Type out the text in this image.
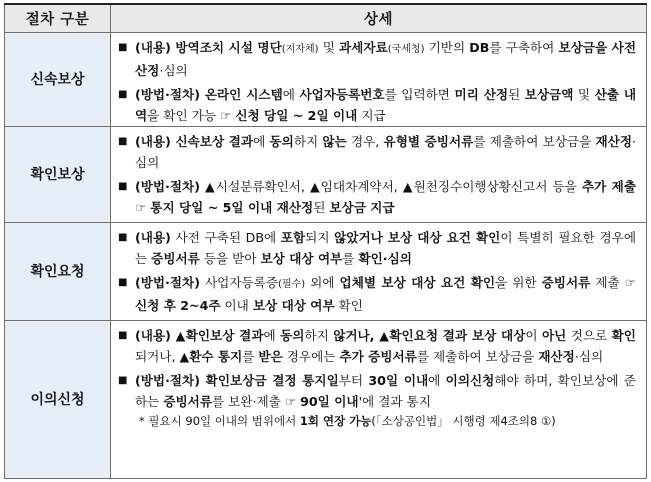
절차 구분	상세
신속보상	■ (내용) 방역조치 시설 명단(지자체) 및 과세자료(국세청) 기반의 DB를 구축하여 보상금을 사전 산정·심의
■ (방법·절차) 온라인 시스템에 사업자등록번호를 입력하면 미리 산정된 보상금액 및 산출 내역을 확인 가능 ☞ 신청 당일 ~ 2일 이내 지급

확인보상	■ (내용) 신속보상 결과에 동의하지 않는 경우, 유형별 증빙서류를 제출하여 보상금을 재산정·심의
■ (방법·절차) ▲시설분류확인서, ▲임대차계약서, ▲원천징수이행상황신고서 등을 추가 제출 ☞ 통지 당일 ~ 5일 이내 재산정된 보상금 지급

확인요청	■ (내용) 사전 구축된 DB에 포함되지 않았거나 보상 대상 요건 확인이 특별히 필요한 경우에는 증빙서류 등을 받아 보상 대상 여부를 확인·심의
■ (방법·절차) 사업자등록증(필수) 외에 업체별 보상 대상 요건 확인을 위한 증빙서류 제출 ☞ 신청 후 2~4주 이내 보상 대상 여부 확인

이의신청	■ (내용) ▲확인보상 결과에 동의하지 않거나, ▲확인요청 결과 보상 대상이 아닌 것으로 확인되거나, ▲환수 통지를 받은 경우에는 추가 증빙서류를 제출하여 보상금을 재산정·심의
■ (방법·절차) 확인보상금 결정 통지일부터 30일 이내에 이의신청해야 하며, 확인보상에 준하는 증빙서류를 보완·제출 ☞ 90일 이내'에 결과 통지
* 필요시 90일 이내의 범위에서 1회 연장 가능(「소상공인법」 시행령 제4조의8 ①)
